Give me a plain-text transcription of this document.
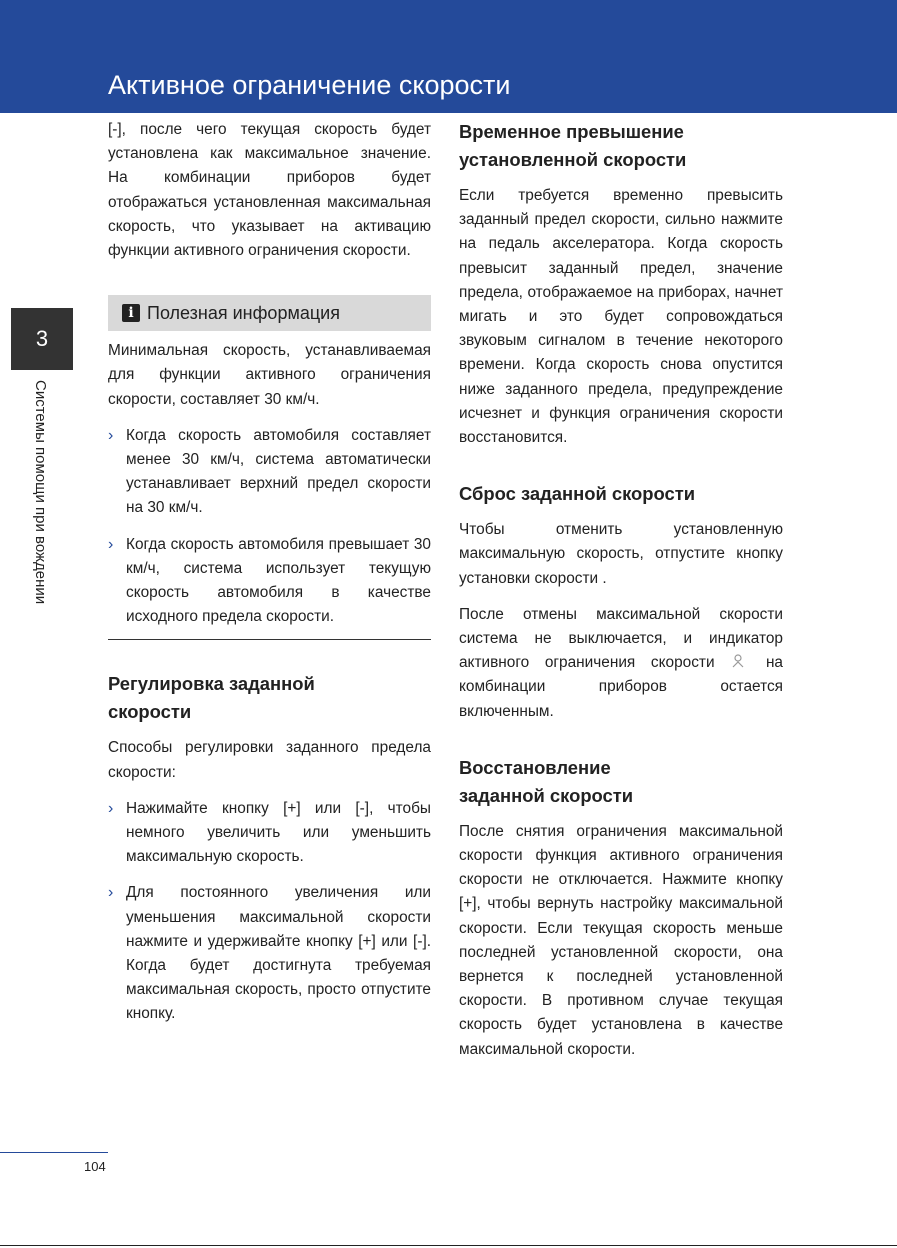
Активное ограничение скорости
3
Системы помощи при вождении

[-], после чего текущая скорость будет установлена как максимальное значение. На комбинации приборов будет отображаться установленная максимальная скорость, что указывает на активацию функции активного ограничения скорости.

i Полезная информация

Минимальная скорость, устанавливаемая для функции активного ограничения скорости, составляет 30 км/ч.

› Когда скорость автомобиля составляет менее 30 км/ч, система автоматически устанавливает верхний предел скорости на 30 км/ч.

› Когда скорость автомобиля превышает 30 км/ч, система использует текущую скорость автомобиля в качестве исходного предела скорости.

Регулировка заданной

скорости

Способы регулировки заданного предела скорости:

› Нажимайте кнопку [+] или [-], чтобы немного увеличить или уменьшить максимальную скорость.

› Для постоянного увеличения или уменьшения максимальной скорости нажмите и удерживайте кнопку [+] или [-]. Когда будет достигнута требуемая максимальная скорость, просто отпустите кнопку.

Временное превышение

установленной скорости

Если требуется временно превысить заданный предел скорости, сильно нажмите на педаль акселератора. Когда скорость превысит заданный предел, значение предела, отображаемое на приборах, начнет мигать и это будет сопровождаться звуковым сигналом в течение некоторого времени. Когда скорость снова опустится ниже заданного предела, предупреждение исчезнет и функция ограничения скорости восстановится.

Сброс заданной скорости

Чтобы отменить установленную максимальную скорость, отпустите кнопку установки скорости .

После отмены максимальной скорости система не выключается, и индикатор активного ограничения скорости	на комбинации приборов остается включенным.

Восстановление

заданной скорости

После снятия ограничения максимальной скорости функция активного ограничения скорости не отключается. Нажмите кнопку [+], чтобы вернуть настройку максимальной скорости. Если текущая скорость меньше последней установленной скорости, она вернется к последней установленной скорости. В противном случае текущая скорость будет установлена в качестве максимальной скорости.

104
